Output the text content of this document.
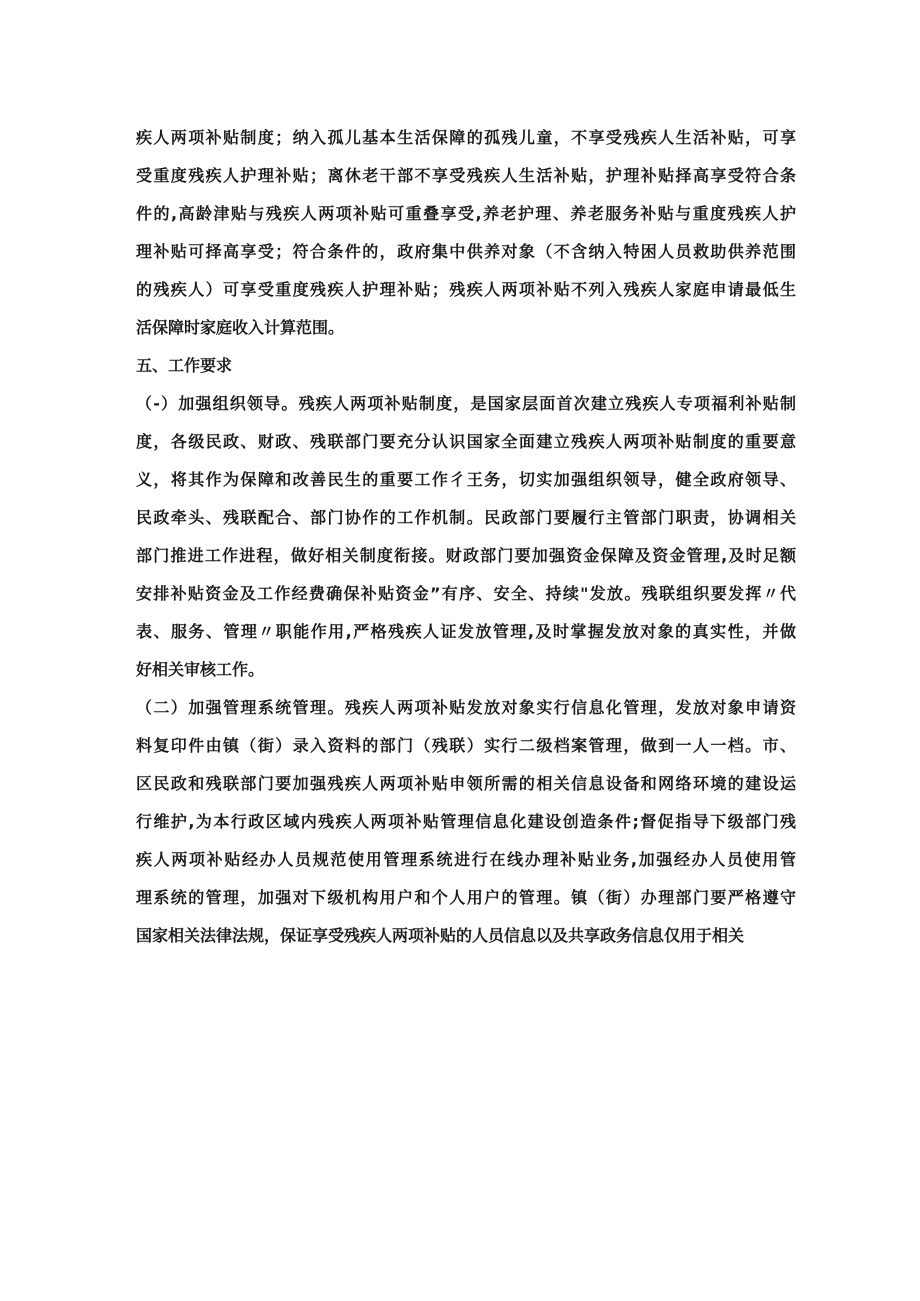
疾人两项补贴制度；纳入孤儿基本生活保障的孤残儿童，不享受残疾人生活补贴，可享
受重度残疾人护理补贴；离休老干部不享受残疾人生活补贴，护理补贴择高享受符合条
件的,高龄津贴与残疾人两项补贴可重叠享受,养老护理、养老服务补贴与重度残疾人护
理补贴可择高享受；符合条件的，政府集中供养对象（不含纳入特困人员救助供养范围
的残疾人）可享受重度残疾人护理补贴；残疾人两项补贴不列入残疾人家庭申请最低生
活保障时家庭收入计算范围。
五、工作要求
（-）加强组织领导。残疾人两项补贴制度，是国家层面首次建立残疾人专项福利补贴制
度，各级民政、财政、残联部门要充分认识国家全面建立残疾人两项补贴制度的重要意
义，将其作为保障和改善民生的重要工作彳王务，切实加强组织领导，健全政府领导、
民政牵头、残联配合、部门协作的工作机制。民政部门要履行主管部门职责，协调相关
部门推进工作进程，做好相关制度衔接。财政部门要加强资金保障及资金管理,及时足额
安排补贴资金及工作经费确保补贴资金”有序、安全、持续"发放。残联组织要发挥〃代
表、服务、管理〃职能作用,严格残疾人证发放管理,及时掌握发放对象的真实性，并做
好相关审核工作。
（二）加强管理系统管理。残疾人两项补贴发放对象实行信息化管理，发放对象申请资
料复印件由镇（街）录入资料的部门（残联）实行二级档案管理，做到一人一档。市、
区民政和残联部门要加强残疾人两项补贴申领所需的相关信息设备和网络环境的建设运
行维护,为本行政区域内残疾人两项补贴管理信息化建设创造条件;督促指导下级部门残
疾人两项补贴经办人员规范使用管理系统进行在线办理补贴业务,加强经办人员使用管
理系统的管理，加强对下级机构用户和个人用户的管理。镇（街）办理部门要严格遵守
国家相关法律法规，保证享受残疾人两项补贴的人员信息以及共享政务信息仅用于相关
